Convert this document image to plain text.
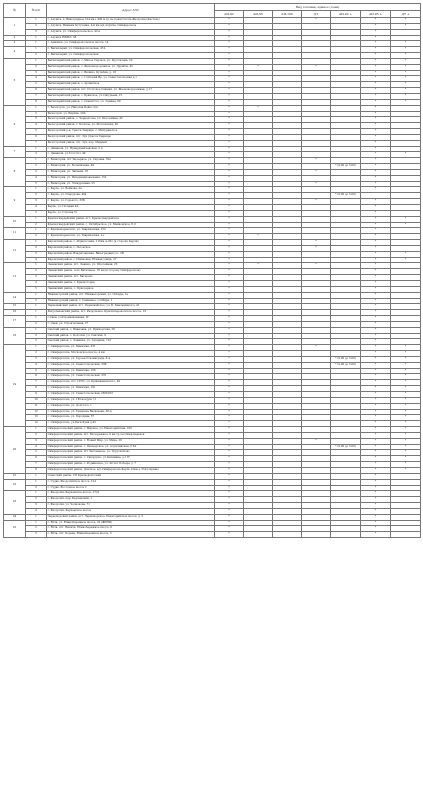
№	№ п/п	Адрес АЗС	Вид топлива, привоз (тонн)						
			АИ-92	АИ-95	АИ-100	ДТ	АИ-92 +	АИ-95 +	ДТ +
1	1	г. Алушта, п. Виноградное 104 км+ 400 м тр-сы Севастополь-Феодосия (Кастель)	*			*		*	*
	2	г. Алушта, Нижняя Кутузовка, 4-й км а/д Алушта- Симферополь	*					*	*
	3	г. Алушта, ул. Симферопольское, 42 н	*					*	
2	1	г. Алушта ЮБИЛ. 38	*					*	
3	1	г. Армянск, ул. Симферопольское шоссе, 14	*					*	*
4	1	г. Бахчисарай, ул. Симферопольская, 47А	*					*	*
	2	г. Бахчисарай, ул. Симферопольская	*					*	*
5	1	Бахчисарайский район, с. Малое Садовое, ул. Хрусталева, 2А	*					*	*
	2	Бахчисарайский район, с. Железнодорожное, ул. Дружбы, 45	*	*		*		*	*
	3	Бахчисарайский район, с. Вилино, Кульбин, д. 18	*					*	*
	4	Бахчисарайский район, с. Глубокий Яр, ул. Севастопольская д.1	*					*	*
	5	Бахчисарайский район, с. Ароматное	*					*	*
	6	Бахчисарайский район, пгт. Почтовое Сиваши, ул. Железнодорожная, д.17	*					*	*
	7	Бахчисарайский район, с. Брянское, ул.Сабурьева, 15	*					*	*
	8	Бахчисарайский район, с. Скалистое, ул. Ленина, 69	*					*	*
6	1	г. Белогорск, ул. Николая Бойко 2/А	*	*				*	
	2	Белогорск, ул. Бирлик, 20А	*					*	
	3	Белогорский район, с. Чернопольe, ул. Шоссейная, 43	*					*	
	4	Белогорский район, с. Богатое, ул. Московская, 92	*					*	
	5	Белогорский р-н, Трасса Таврида, с. Мичуринское	*					*	
	6	Белогорский район, пгт. Зуя (трасса Таврида)	*					*	
	7	Белогорский район, пгт. Зуя, пер. Мирный	*					*	
7	1	г. Джанкой, ул. Нумерданиченская, 2 А	*					*	
	2	г. Джанкой, ул.Толстого 49	*					*	*
8	1	г. Евпатория, пгт Заозерное, ул. Садовая, 55а	*			*		*	
	2	г. Евпатория, ул. Большичная, 49	*				* (9.00 до 5.00)	*	
	3	г. Евпатория, ул. Чапаева, 18	*			*		*	
	4	г. Евпатория, ул. Интернациональная, 152	*					*	
	5	г. Евпатория, ул. Эскадронная, 25	*			*		*	
9	1	г. Керчь, ул. Войкова, 2а	*					*	
	2	г. Керчь, ул. Свердлова, 49в	*				* (9.00 до 5.00)		
	3	г. Керчь, ул. Горького, 33Б	*			*		*	
	4	Керчь, ул. Полевая 4А	*					*	
	5	Керчь, ул. Глухова 5г	*					*	
10	1	Красногвардейский район, пгт. Красногвардейское	*					*	*
	2	Красногвардейский район, с. Октябрьское, ул. Майковское, 8, б	*					*	*
11	1	г. Красноперекопск, ул. Таврическая, 153	*					*	
	2	г. Красноперекопск, ул. Таврическая, 2-г	*	*				*	
12	1	Кировский район, с. Абрикосовка, 115км А-291 (в сторону Керчи)	*			*		*	
	2	Кировский район, с. Льговское	*			*		*	
	3	Кировский район, Владиславовка, Виноградная ул., 2В	*					*	*
	4	Кировский район, с. Изюмовка, Южная улица, 27	*					*	*
13	1	Ленинский район, пгт. Ленино, ул. Шоссейная, 23	*	*		*		*	
	2	Ленинский район, село Батальное, 76 км (в сторону Симферополя)	*					*	
	3	Ленинский район, пгт. Багерово	*					*	
	4	Ленинский район, с. Красногорка	*					*	
	5	Ленинский район, с. Приозерное	*					*	
14	1	Нижнегорский район, пгт. Нижнегорский, ул. Победы, 1а	*					*	
	2	Нижнегорский район, с. Семенное, ул.Мира, 1	*					*	
15	1	Первомайский район, пгт. Первомайское, ул. Б. Хмельницкого, 41	*					*	
16	1	Раздольненский район, пгт. Раздольное, Красноперекопское шоссе, 19	*					*	
17	1	г.Саки, ул.Промышленная, 3Г	*					*	
	2	г. Саки, ул. Строительная, 27	*					*	
18	1	Сакский район, с. Ивановка, ул. Приморская, 28	*					*	
	2	Сакский район, с. Колоски, ул. Сакская, 9	*					*	
	3	Сакский район, с. Ленинка, ул. Гагарина, 123	*					*	
19	1	г. Симферополь, ул. Киевская, 231	*			*		*	*
	2	г. Симферополь, Московское шоссе, 4 км	*					*	*
	3	г. Симферополь, ул. Героев Сталинграда, 8-А	*				* (9.00 до 5.00)	*	*
	4	г. Симферополь, ул. Севастопольская, 33В	*				* (9.00 до 5.00)	*	*
	5	г. Симферополь, ул. Киевская, 156	*					*	*
	6	г. Симферополь, ул. Севастопольская, 370	*					*	*
	7	г. Симферополь, пгт. ГРЭС, ул. Кржижановского, 40	*					*	*
	8	г. Симферополь, ул. Киевская, 191	*					*	*
	9	г. Симферополь, ул. Севастопольская, 2БП/253	*					*	*
	10	г. Симферополь, ул. 1Ю-воздуш, 11	*					*	*
	11	г. Симферополь, ул. Долгтого, 1	*					*	*
	12	г. Симферополь, ул. Генерала Васильева, 38-А	*					*	*
	13	г. Симферополь, ул. Бородина, 67	*					*	*
	14	г. Симферополь, ул.Беги Куна д.43	*					*	*
20	1	Симферопольский район, с. Мирное, ул. Евпаторийская, 180	*					*	*
	2	Симферопольский район, пгт. Молодежное, 9 км тр-сы Симф-Харьков	*					*	*
	3	Симферопольский район, с. Новый Мир, ул. Мира, 28	*			*		*	*
	4	Симферопольский район, с. Пионерское, ул. Алуштинская, 6 8А	*				* (9.00 до 5.00)	*	*
	5	Симферопольский район, пгт Чистенькое, ул. Трудолюбово	*					*	*
	6	Симферопольский район, с. Скворцово, ул.Калинина, д.1 Н	*					*	*
	7	Симферопольский район, с. Родниковое, ул. 40 лет Победы, д. 7	*					*	*
	8	Симферопольский район, Донское, а/д Симферополь-Керчь 12км + 550 (справа)	*					*	*
21	1	Советский район, СП Краснофлотский	*					*	
22	1	г. Судак, Феодосийское шоссе, 12А	*					*	
	2	г. Судак, Восточное шоссе 2	*					*	
23	1	г. Феодосия, Керченское шоссе, 27/Д	*					*	
	2	г. Феодосия, пер. Керченский, 1	*					*	
	3	г. Феодосия, ул. Челнокова, 71	*					*	
	4	г. Феодосия, Керченское шоссе	*					*	
24	1	Черноморский район, пгт. Черноморское, Евпаторийское шоссе, д. 5	*					*	
25	1	г. Ялта, ул. Южнобережное шоссе, 22 (ФИНИ)	*					*	
	2	г. Ялта, пгт. Никита, Южнобережное шоссе, 8	*					*	
	3	г. Ялта, пгт. Кореиз, Южнобережное шоссе, 3	*					*	
